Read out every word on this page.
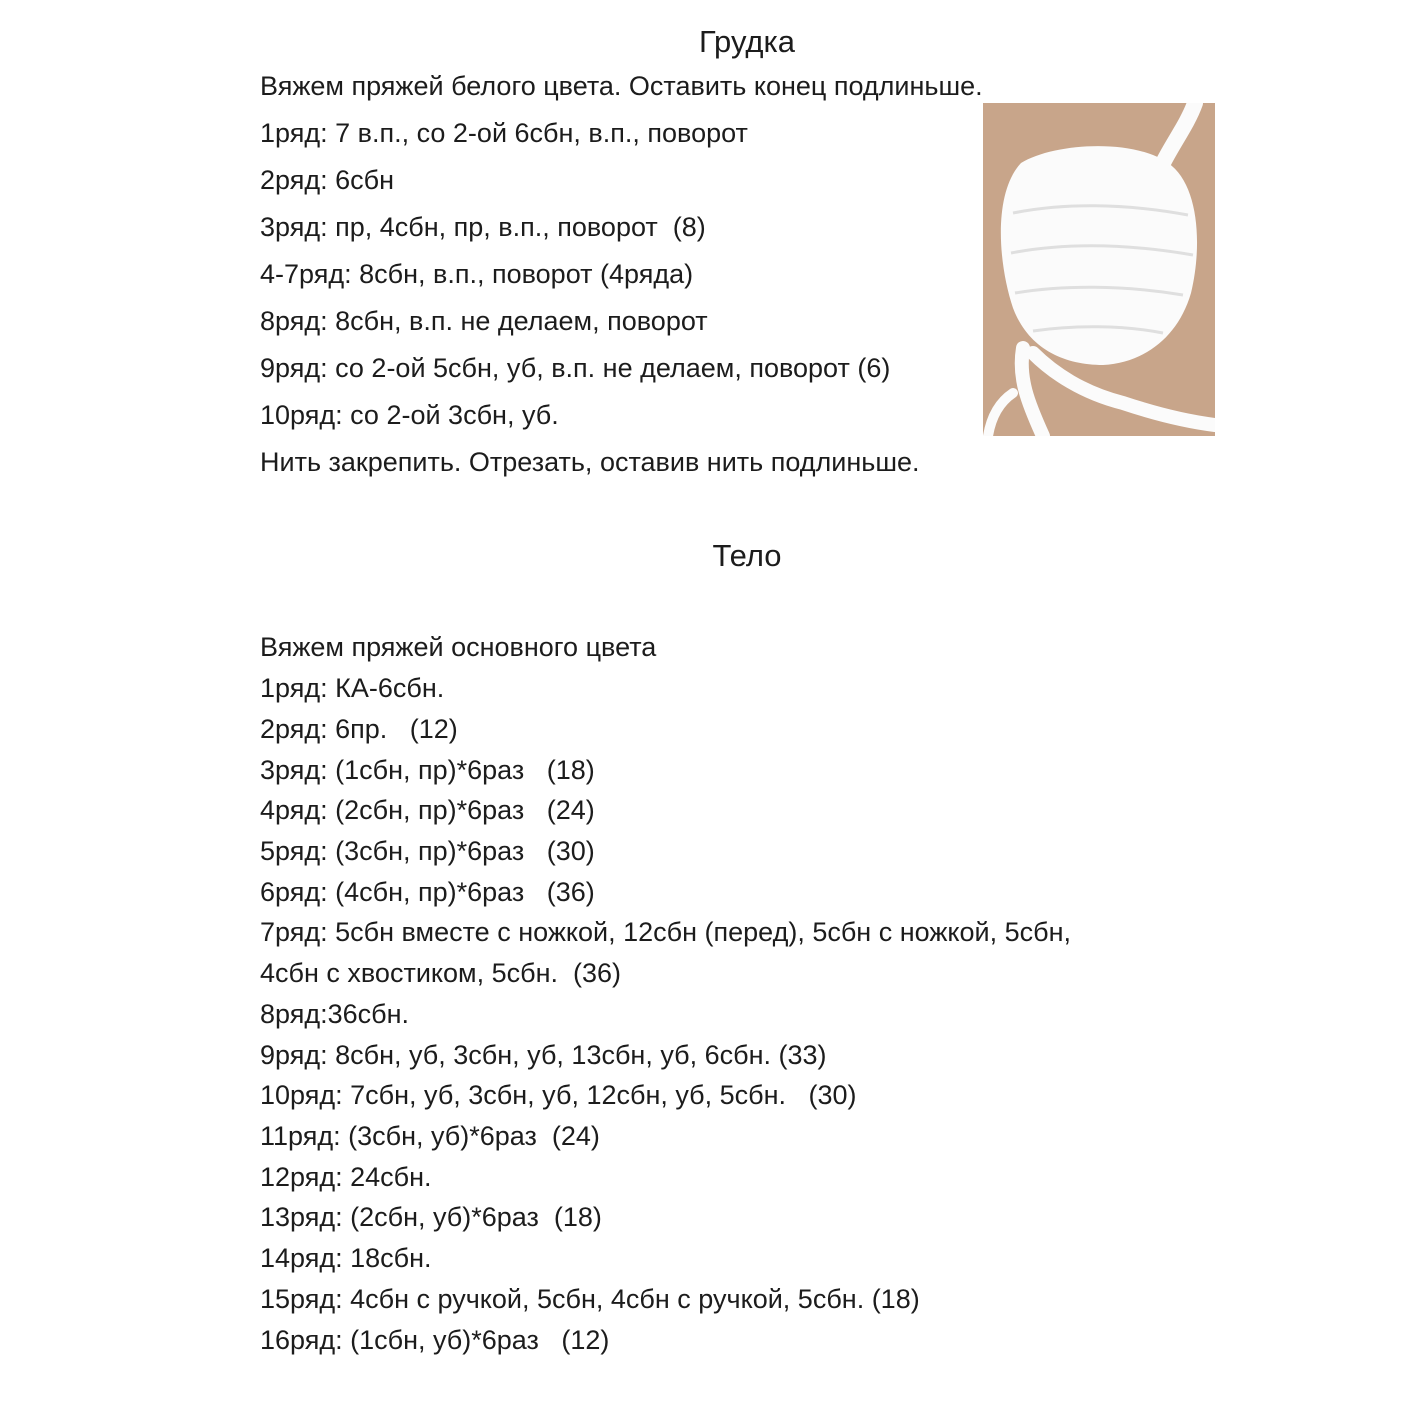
Грудка

Вяжем пряжей белого цвета. Оставить конец подлиньше.

1ряд: 7 в.п., со 2-ой 6сбн, в.п., поворот

2ряд: 6сбн

3ряд: пр, 4сбн, пр, в.п., поворот  (8)

4-7ряд: 8сбн, в.п., поворот (4ряда)

8ряд: 8сбн, в.п. не делаем, поворот

9ряд: со 2-ой 5сбн, уб, в.п. не делаем, поворот (6)

10ряд: со 2-ой 3сбн, уб.

Нить закрепить. Отрезать, оставив нить подлиньше.

Тело

Вяжем пряжей основного цвета

1ряд: КА-6сбн.

2ряд: 6пр.   (12)

3ряд: (1сбн, пр)*6раз   (18)

4ряд: (2сбн, пр)*6раз   (24)

5ряд: (3сбн, пр)*6раз   (30)

6ряд: (4сбн, пр)*6раз   (36)

7ряд: 5сбн вместе с ножкой, 12сбн (перед), 5сбн с ножкой, 5сбн,

4сбн с хвостиком, 5сбн.  (36)

8ряд:36сбн.

9ряд: 8сбн, уб, 3сбн, уб, 13сбн, уб, 6сбн. (33)

10ряд: 7сбн, уб, 3сбн, уб, 12сбн, уб, 5сбн.   (30)

11ряд: (3сбн, уб)*6раз  (24)

12ряд: 24сбн.

13ряд: (2сбн, уб)*6раз  (18)

14ряд: 18сбн.

15ряд: 4сбн с ручкой, 5сбн, 4сбн с ручкой, 5сбн. (18)

16ряд: (1сбн, уб)*6раз   (12)
